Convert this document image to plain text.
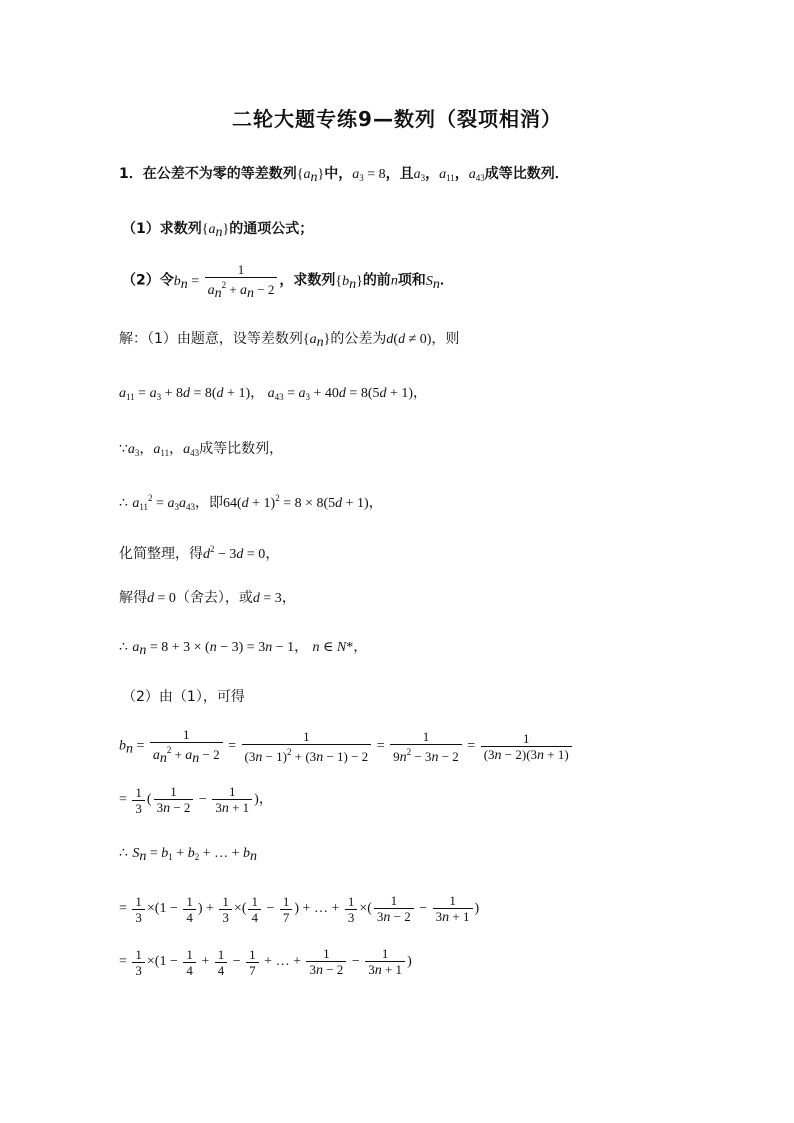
二轮大题专练9—数列（裂项相消）
1．在公差不为零的等差数列$\{a_n\}$中，$a_3 = 8$，且$a_3$，$a_{11}$，$a_{43}$成等比数列．
（1）求数列$\{a_n\}$的通项公式；
（2）令$b_n = \frac{1}{a_n^2 + a_n - 2}$ ，求数列$\{b_n\}$的前n项和$S_n$．
解：（1）由题意，设等差数列$\{a_n\}$的公差为d(d ≠ 0)，则
$a_{11} = a_3 + 8d = 8(d + 1)$， $a_{43} = a_3 + 40d = 8(5d + 1)$，
$\because a_3$，$a_{11}$，$a_{43}$成等比数列，
∴ $a_{11}^2 = a_3a_{43}$，即$64(d + 1)^2 = 8 \times 8(5d + 1)$，
化简整理，得$d^2 - 3d = 0$，
解得d = 0（舍去），或d = 3，
∴ $a_n = 8 + 3 \times (n - 3) = 3n - 1$， n ∈ N*，
（2）由（1），可得
$b_n = \frac{1}{a_n^2 + a_n - 2} = \frac{1}{(3n - 1)^2 + (3n - 1) - 2} = \frac{1}{9n^2 - 3n - 2} = \frac{1}{(3n - 2)(3n + 1)}$
= $\frac{1}{3}$ ( $\frac{1}{3n - 2} - \frac{1}{3n + 1}$ )，
∴ $S_n = b_1 + b_2$ + … + $b_n$
= $\frac{1}{3} \times(1 - \frac{1}{4}$ ) + $\frac{1}{3}$ ×( $\frac{1}{4} - \frac{1}{7}$ ) + … + $\frac{1}{3}$ ×( $\frac{1}{3n - 2} - \frac{1}{3n + 1}$ )
= $\frac{1}{3} \times(1 - \frac{1}{4} + \frac{1}{4} - \frac{1}{7}$ + … + $\frac{1}{3n - 2} - \frac{1}{3n + 1}$ )
